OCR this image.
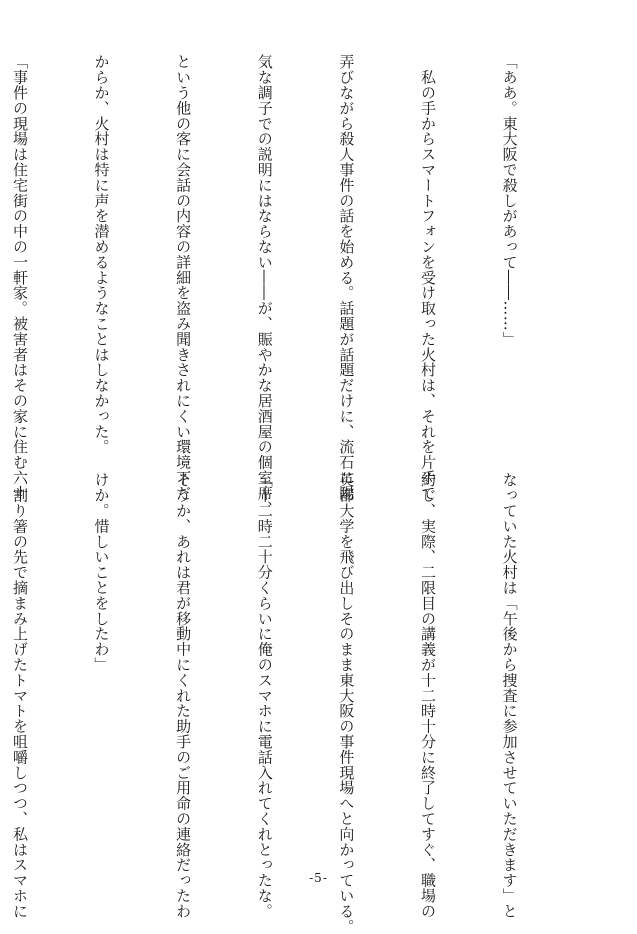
「ああ。東大阪で殺しがあって――……」

　私の手からスマートフォンを受け取った火村は、それを片手で

弄びながら殺人事件の話を始める。話題が話題だけに、流石に陽

気な調子での説明にはならない――が、賑やかな居酒屋の個室席、

という他の客に会話の内容の詳細を盗み聞きされにくい環境下だ

からか、火村は特に声を潜めるようなことはしなかった。

「事件の現場は住宅街の中の一軒家。被害者はその家に住む六十

なっていた火村は「午後から捜査に参加させていただきます」と

約し、実際、二限目の講義が十二時十分に終了してすぐ、職場の

英都大学を飛び出しそのまま東大阪の事件現場へと向かっている。

「十二時二十分くらいに俺のスマホに電話入れてくれとったな。

そうか、あれは君が移動中にくれた助手のご用命の連絡だったわ

けか。惜しいことをしたわ」

　割り箸の先で摘まみ上げたトマトを咀嚼しつつ、私はスマホに

	-5-
